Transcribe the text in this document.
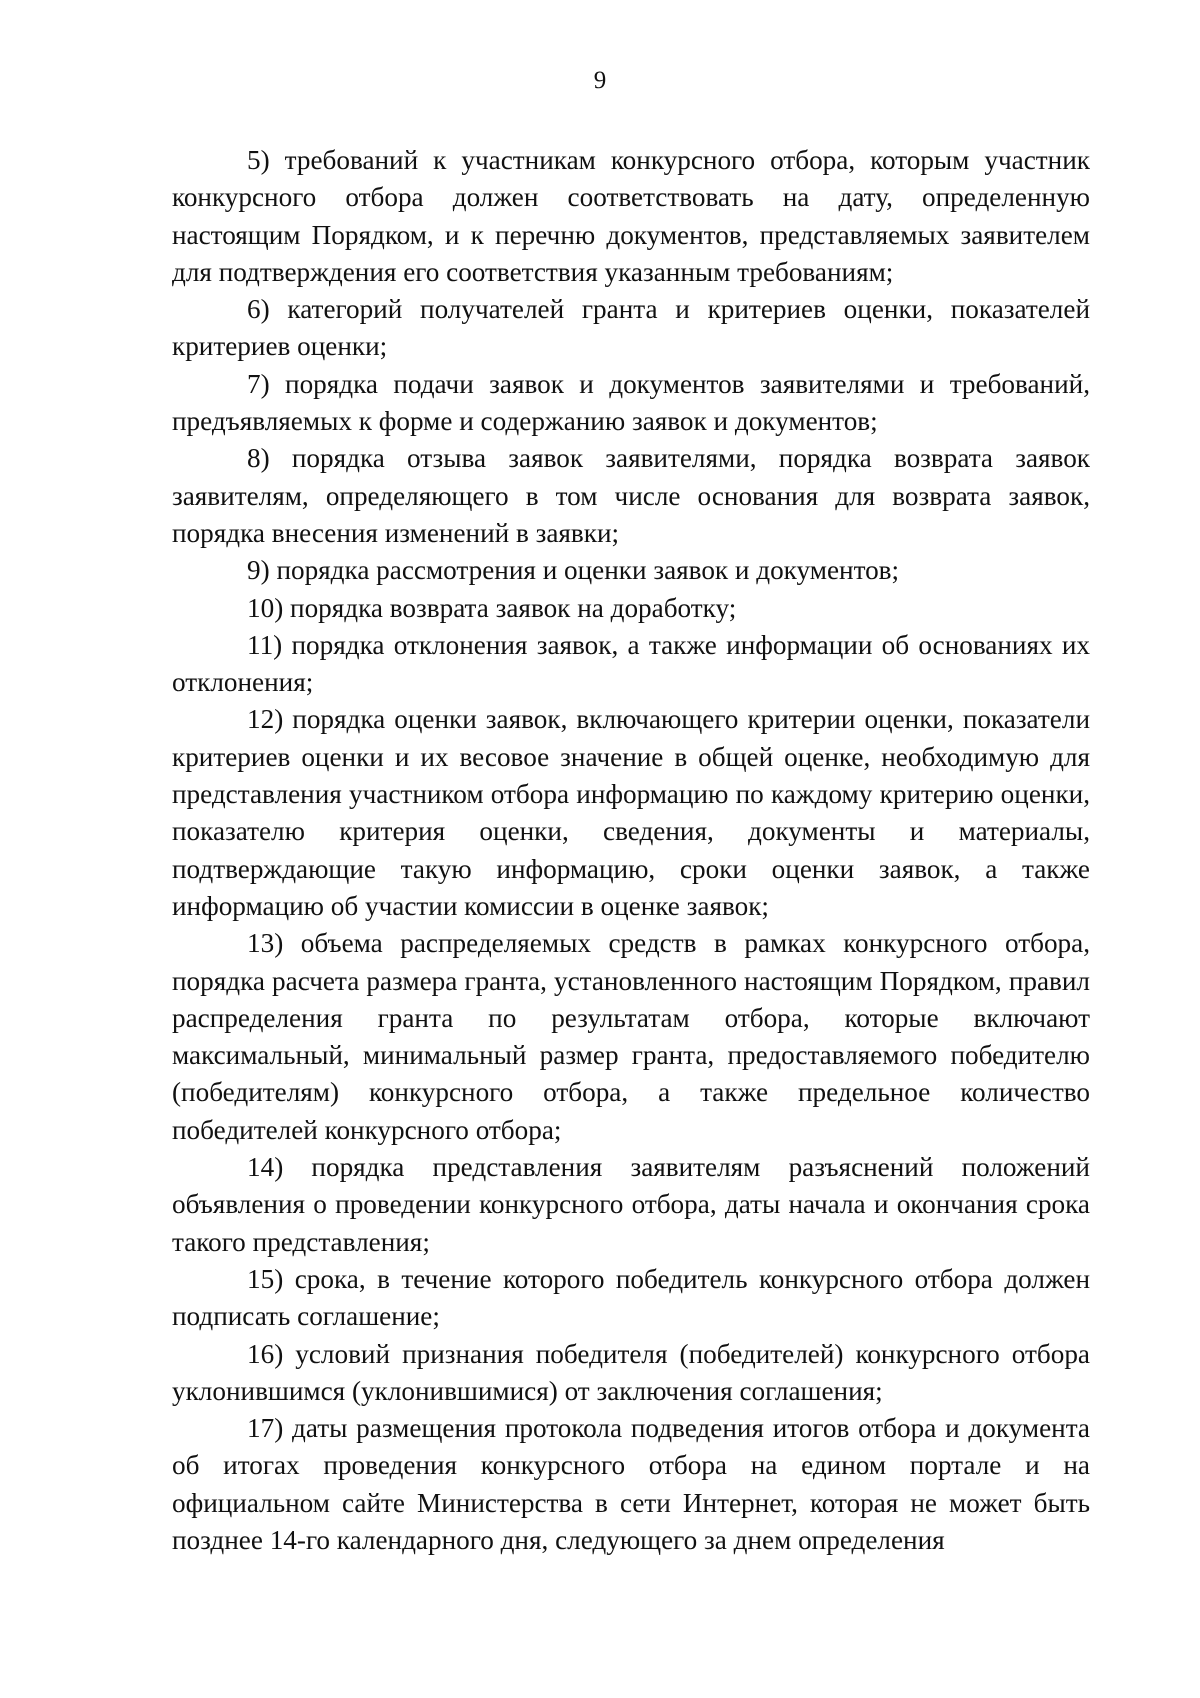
9

5) требований к участникам конкурсного отбора, которым участник конкурсного отбора должен соответствовать на дату, определенную настоящим Порядком, и к перечню документов, представляемых заявителем для подтверждения его соответствия указанным требованиям;

6) категорий получателей гранта и критериев оценки, показателей критериев оценки;

7) порядка подачи заявок и документов заявителями и требований, предъявляемых к форме и содержанию заявок и документов;

8) порядка отзыва заявок заявителями, порядка возврата заявок заявителям, определяющего в том числе основания для возврата заявок, порядка внесения изменений в заявки;

9) порядка рассмотрения и оценки заявок и документов;

10) порядка возврата заявок на доработку;

11) порядка отклонения заявок, а также информации об основаниях их отклонения;

12) порядка оценки заявок, включающего критерии оценки, показатели критериев оценки и их весовое значение в общей оценке, необходимую для представления участником отбора информацию по каждому критерию оценки, показателю критерия оценки, сведения, документы и материалы, подтверждающие такую информацию, сроки оценки заявок, а также информацию об участии комиссии в оценке заявок;

13) объема распределяемых средств в рамках конкурсного отбора, порядка расчета размера гранта, установленного настоящим Порядком, правил распределения гранта по результатам отбора, которые включают максимальный, минимальный размер гранта, предоставляемого победителю (победителям) конкурсного отбора, а также предельное количество победителей конкурсного отбора;

14) порядка представления заявителям разъяснений положений объявления о проведении конкурсного отбора, даты начала и окончания срока такого представления;

15) срока, в течение которого победитель конкурсного отбора должен подписать соглашение;

16) условий признания победителя (победителей) конкурсного отбора уклонившимся (уклонившимися) от заключения соглашения;

17) даты размещения протокола подведения итогов отбора и документа об итогах проведения конкурсного отбора на едином портале и на официальном сайте Министерства в сети Интернет, которая не может быть позднее 14-го календарного дня, следующего за днем определения
